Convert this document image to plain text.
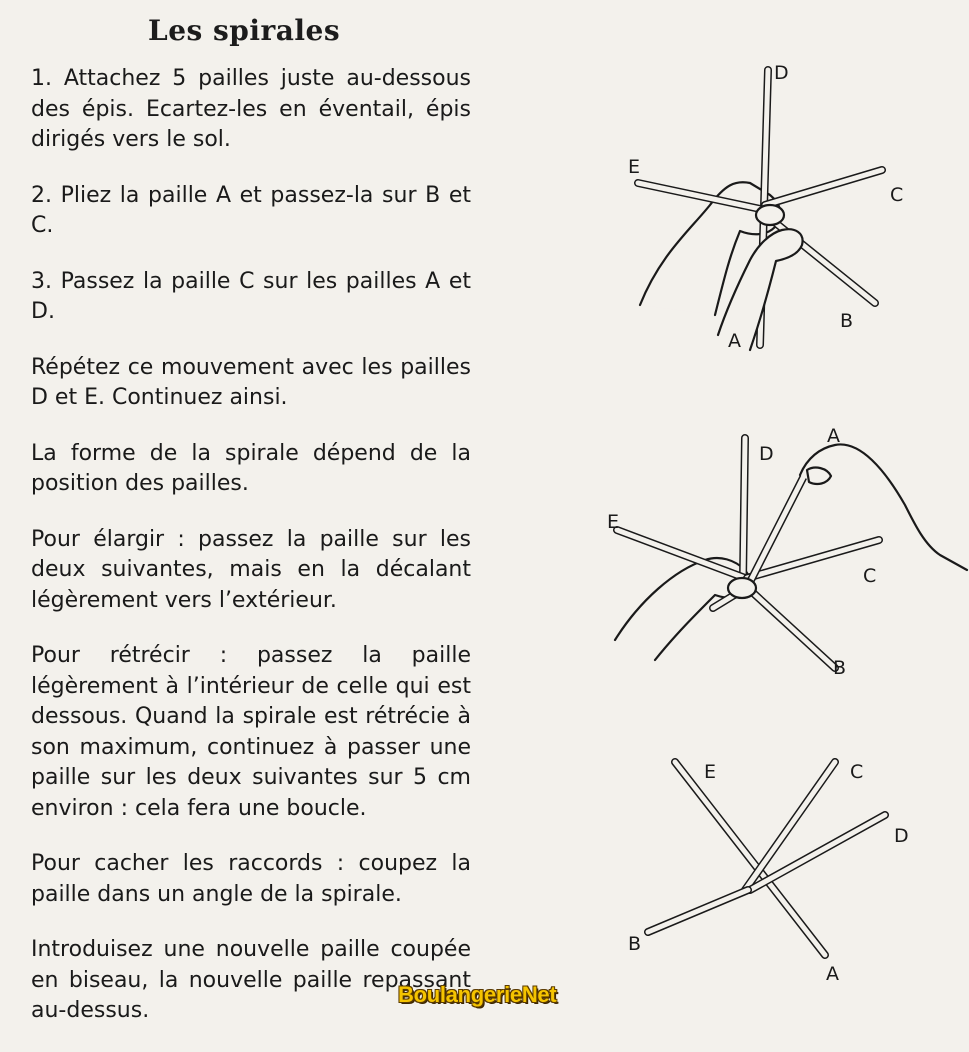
Les spirales

1. Attachez 5 pailles juste au-dessous des épis. Ecartez-les en éventail, épis dirigés vers le sol.

2. Pliez la paille A et passez-la sur B et C.

3. Passez la paille C sur les pailles A et D.

Répétez ce mouvement avec les pailles D et E. Continuez ainsi.

La forme de la spirale dépend de la position des pailles.

Pour élargir : passez la paille sur les deux suivantes, mais en la décalant légèrement vers l’extérieur.

Pour rétrécir : passez la paille légèrement à l’intérieur de celle qui est dessous. Quand la spirale est rétrécie à son maximum, continuez à passer une paille sur les deux suivantes sur 5 cm environ : cela fera une boucle.

Pour cacher les raccords : coupez la paille dans un angle de la spirale.

Introduisez une nouvelle paille coupée en biseau, la nouvelle paille repassant au-dessus.

D
E
C
B
A
D
A
E
C
B
E	C
D
B
A
BoulangerieNet
